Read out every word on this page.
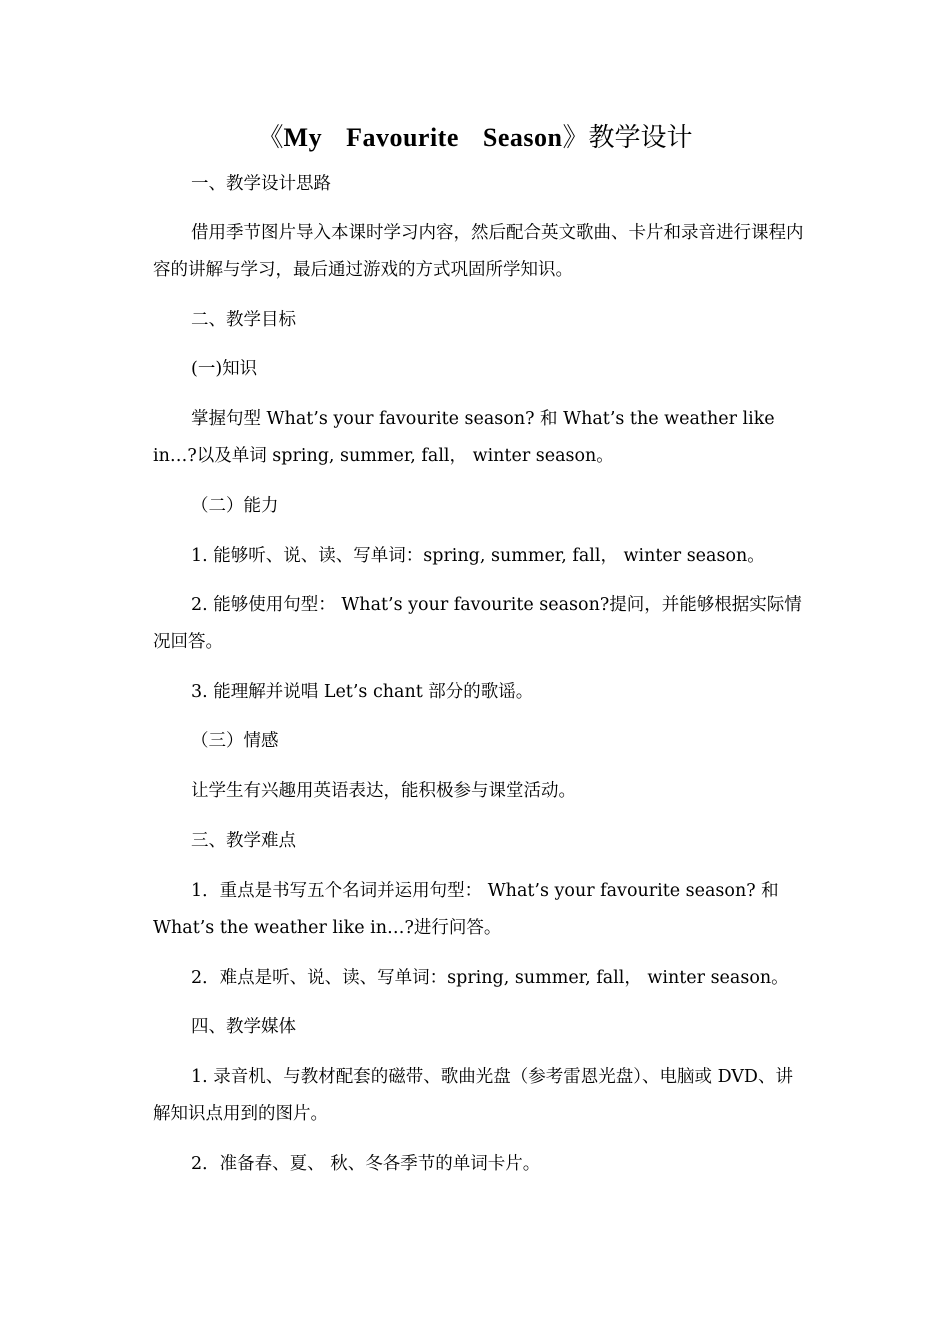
《My Favourite Season》教学设计
一、教学设计思路
借用季节图片导入本课时学习内容，然后配合英文歌曲、卡片和录音进行课程内容的讲解与学习，最后通过游戏的方式巩固所学知识。
二、教学目标
(一)知识
掌握句型 What’s your favourite season? 和 What’s the weather like in…?以及单词 spring, summer, fall， winter season。
（二）能力
1. 能够听、说、读、写单词：spring, summer, fall， winter season。
2. 能够使用句型： What’s your favourite season?提问，并能够根据实际情况回答。
3. 能理解并说唱 Let’s chant 部分的歌谣。
（三）情感
让学生有兴趣用英语表达，能积极参与课堂活动。
三、教学难点
1．重点是书写五个名词并运用句型： What’s your favourite season? 和 What’s the weather like in…?进行问答。
2．难点是听、说、读、写单词：spring, summer, fall， winter season。
四、教学媒体
1. 录音机、与教材配套的磁带、歌曲光盘（参考雷恩光盘）、电脑或 DVD、讲解知识点用到的图片。
2．准备春、夏、 秋、冬各季节的单词卡片。
